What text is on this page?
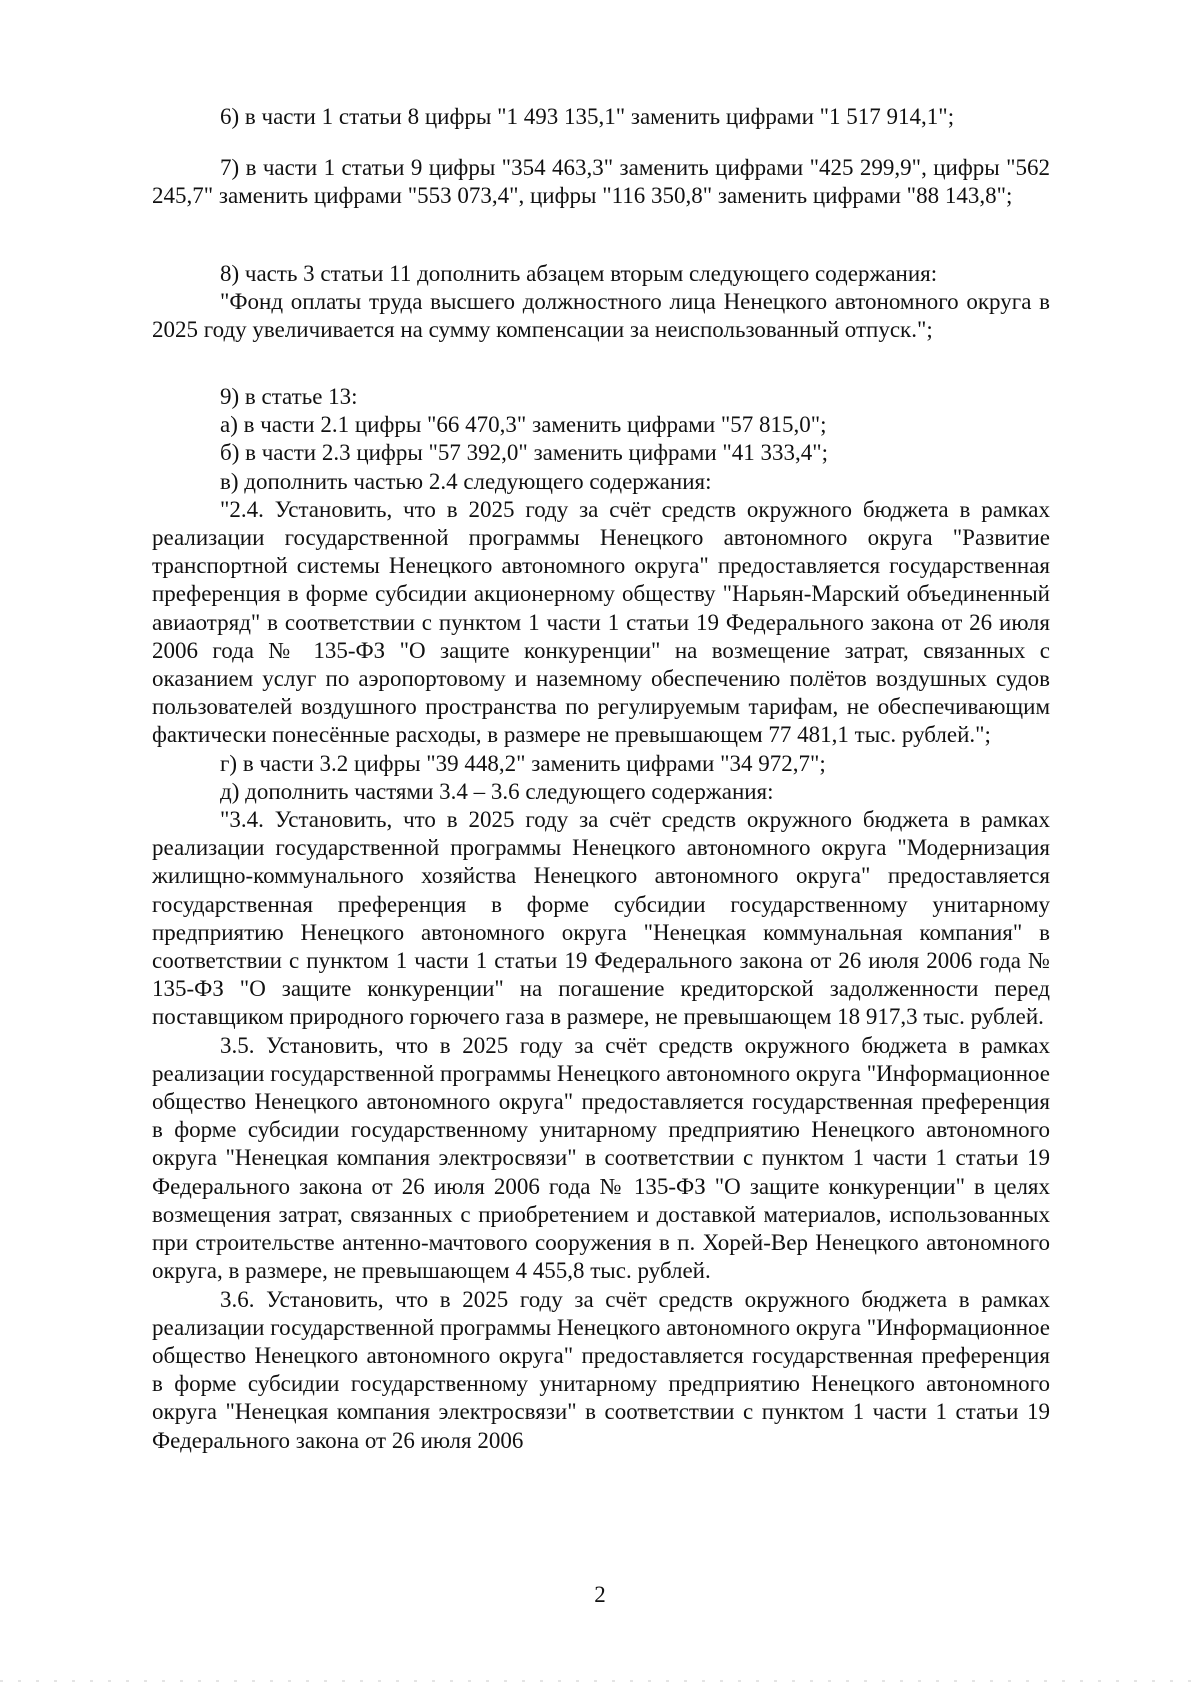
6) в части 1 статьи 8 цифры "1 493 135,1" заменить цифрами "1 517 914,1";

7) в части 1 статьи 9 цифры "354 463,3" заменить цифрами "425 299,9", цифры "562 245,7" заменить цифрами "553 073,4", цифры "116 350,8" заменить цифрами "88 143,8";

8) часть 3 статьи 11 дополнить абзацем вторым следующего содержания:

"Фонд оплаты труда высшего должностного лица Ненецкого автономного округа в 2025 году увеличивается на сумму компенсации за неиспользованный отпуск.";

9) в статье 13:

а) в части 2.1 цифры "66 470,3" заменить цифрами "57 815,0";

б) в части 2.3 цифры "57 392,0" заменить цифрами "41 333,4";

в) дополнить частью 2.4 следующего содержания:

"2.4. Установить, что в 2025 году за счёт средств окружного бюджета в рамках реализации государственной программы Ненецкого автономного округа "Развитие транспортной системы Ненецкого автономного округа" предоставляется государственная преференция в форме субсидии акционерному обществу "Нарьян-Марский объединенный авиаотряд" в соответствии с пунктом 1 части 1 статьи 19 Федерального закона от 26 июля 2006 года № 135-ФЗ "О защите конкуренции" на возмещение затрат, связанных с оказанием услуг по аэропортовому и наземному обеспечению полётов воздушных судов пользователей воздушного пространства по регулируемым тарифам, не обеспечивающим фактически понесённые расходы, в размере не превышающем 77 481,1 тыс. рублей.";

г) в части 3.2 цифры "39 448,2" заменить цифрами "34 972,7";

д) дополнить частями 3.4 – 3.6 следующего содержания:

"3.4. Установить, что в 2025 году за счёт средств окружного бюджета в рамках реализации государственной программы Ненецкого автономного округа "Модернизация жилищно-коммунального хозяйства Ненецкого автономного округа" предоставляется государственная преференция в форме субсидии государственному унитарному предприятию Ненецкого автономного округа "Ненецкая коммунальная компания" в соответствии с пунктом 1 части 1 статьи 19 Федерального закона от 26 июля 2006 года № 135-ФЗ "О защите конкуренции" на погашение кредиторской задолженности перед поставщиком природного горючего газа в размере, не превышающем 18 917,3 тыс. рублей.

3.5. Установить, что в 2025 году за счёт средств окружного бюджета в рамках реализации государственной программы Ненецкого автономного округа "Информационное общество Ненецкого автономного округа" предоставляется государственная преференция в форме субсидии государственному унитарному предприятию Ненецкого автономного округа "Ненецкая компания электросвязи" в соответствии с пунктом 1 части 1 статьи 19 Федерального закона от 26 июля 2006 года № 135-ФЗ "О защите конкуренции" в целях возмещения затрат, связанных с приобретением и доставкой материалов, использованных при строительстве антенно-мачтового сооружения в п. Хорей-Вер Ненецкого автономного округа, в размере, не превышающем 4 455,8 тыс. рублей.

3.6. Установить, что в 2025 году за счёт средств окружного бюджета в рамках реализации государственной программы Ненецкого автономного округа "Информационное общество Ненецкого автономного округа" предоставляется государственная преференция в форме субсидии государственному унитарному предприятию Ненецкого автономного округа "Ненецкая компания электросвязи" в соответствии с пунктом 1 части 1 статьи 19 Федерального закона от 26 июля 2006

2
